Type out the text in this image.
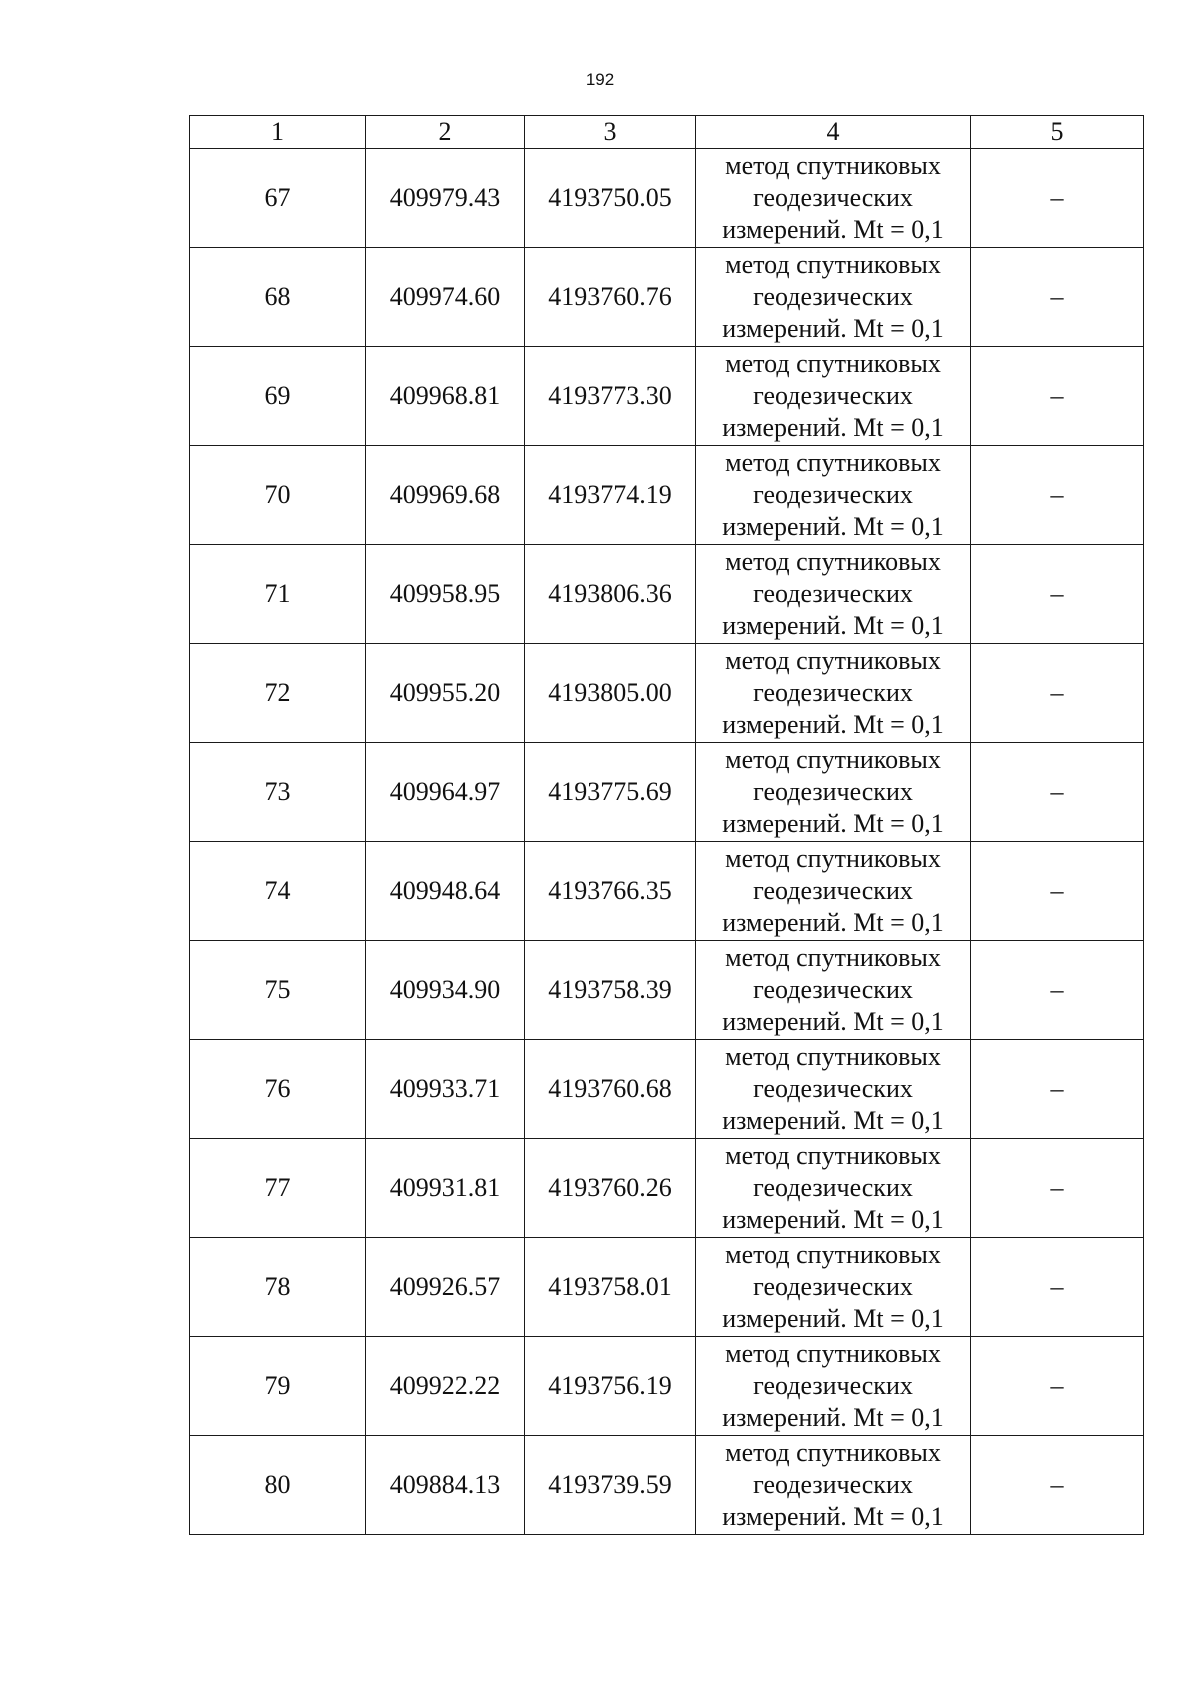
192
1	2	3	4	5
67	409979.43	4193750.05	метод спутниковых
геодезических
измерений. Mt = 0,1	–
68	409974.60	4193760.76	метод спутниковых
геодезических
измерений. Mt = 0,1	–
69	409968.81	4193773.30	метод спутниковых
геодезических
измерений. Mt = 0,1	–
70	409969.68	4193774.19	метод спутниковых
геодезических
измерений. Mt = 0,1	–
71	409958.95	4193806.36	метод спутниковых
геодезических
измерений. Mt = 0,1	–
72	409955.20	4193805.00	метод спутниковых
геодезических
измерений. Mt = 0,1	–
73	409964.97	4193775.69	метод спутниковых
геодезических
измерений. Mt = 0,1	–
74	409948.64	4193766.35	метод спутниковых
геодезических
измерений. Mt = 0,1	–
75	409934.90	4193758.39	метод спутниковых
геодезических
измерений. Mt = 0,1	–
76	409933.71	4193760.68	метод спутниковых
геодезических
измерений. Mt = 0,1	–
77	409931.81	4193760.26	метод спутниковых
геодезических
измерений. Mt = 0,1	–
78	409926.57	4193758.01	метод спутниковых
геодезических
измерений. Mt = 0,1	–
79	409922.22	4193756.19	метод спутниковых
геодезических
измерений. Mt = 0,1	–
80	409884.13	4193739.59	метод спутниковых
геодезических
измерений. Mt = 0,1	–
